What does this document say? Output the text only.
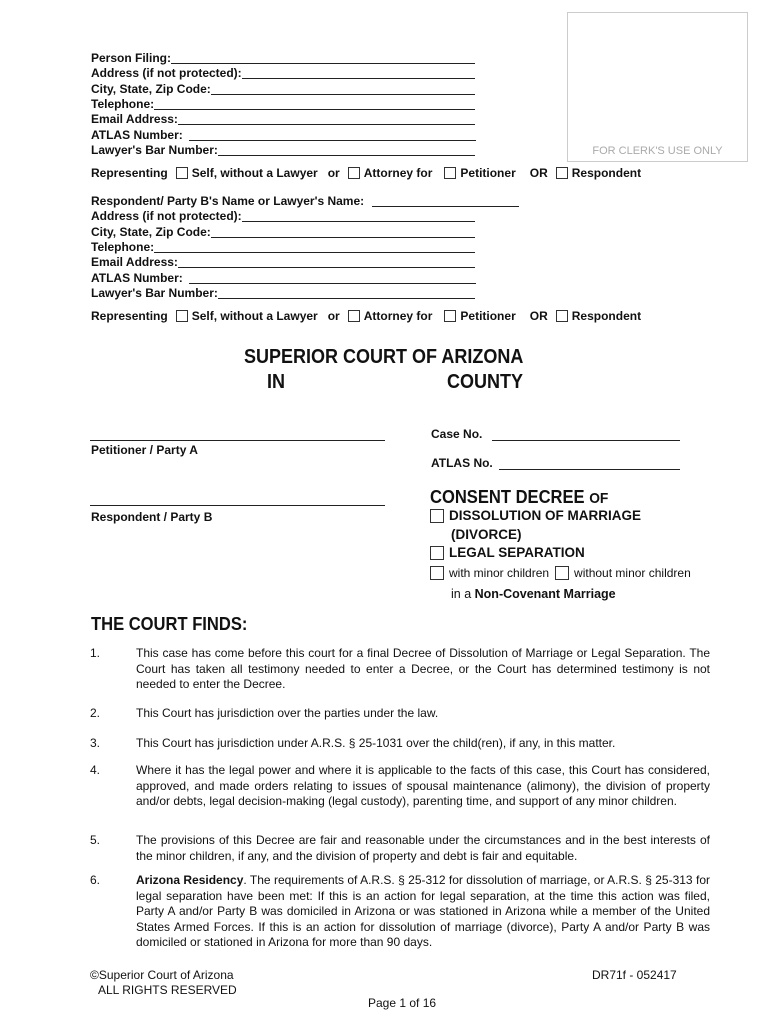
FOR CLERK'S USE ONLY
Person Filing:
Address (if not protected):
City, State, Zip Code:
Telephone:
Email Address:
ATLAS Number:
Lawyer's Bar Number:
Representing Self, without a Lawyer or Attorney for Petitioner OR Respondent
Respondent/ Party B's Name or Lawyer's Name:
Address (if not protected):
City, State, Zip Code:
Telephone:
Email Address:
ATLAS Number:
Lawyer's Bar Number:
Representing Self, without a Lawyer or Attorney for Petitioner OR Respondent
SUPERIOR COURT OF ARIZONA
IN	COUNTY
Petitioner / Party A
Respondent / Party B
Case No.
ATLAS No.
CONSENT DECREE OF
DISSOLUTION OF MARRIAGE
(DIVORCE)
LEGAL SEPARATION
with minor children without minor children
in a Non-Covenant Marriage
THE COURT FINDS:
1.	This case has come before this court for a final Decree of Dissolution of Marriage or Legal Separation. The Court has taken all testimony needed to enter a Decree, or the Court has determined testimony is not needed to enter the Decree.
2.	This Court has jurisdiction over the parties under the law.
3.	This Court has jurisdiction under A.R.S. § 25-1031 over the child(ren), if any, in this matter.
4.	Where it has the legal power and where it is applicable to the facts of this case, this Court has considered, approved, and made orders relating to issues of spousal maintenance (alimony), the division of property and/or debts, legal decision-making (legal custody), parenting time, and support of any minor children.
5.	The provisions of this Decree are fair and reasonable under the circumstances and in the best interests of the minor children, if any, and the division of property and debt is fair and equitable.
6.	Arizona Residency. The requirements of A.R.S. § 25-312 for dissolution of marriage, or A.R.S. § 25-313 for legal separation have been met: If this is an action for legal separation, at the time this action was filed, Party A and/or Party B was domiciled in Arizona or was stationed in Arizona while a member of the United States Armed Forces. If this is an action for dissolution of marriage (divorce), Party A and/or Party B was domiciled or stationed in Arizona for more than 90 days.
©Superior Court of Arizona
ALL RIGHTS RESERVED
DR71f - 052417
Page 1 of 16
